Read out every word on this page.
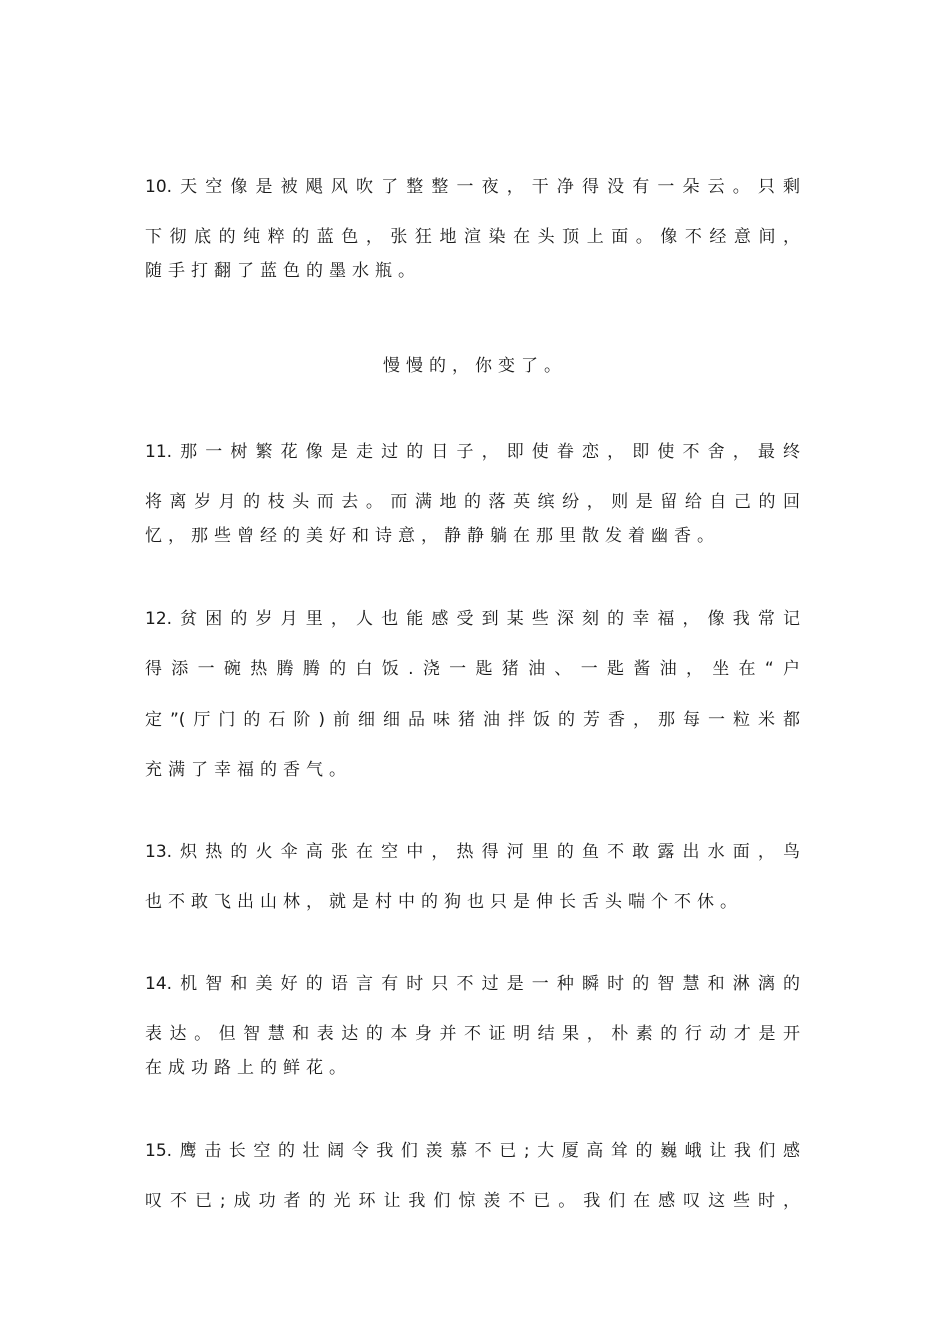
10.天空像是被飓风吹了整整一夜，干净得没有一朵云。只剩
下彻底的纯粹的蓝色，张狂地渲染在头顶上面。像不经意间，
随手打翻了蓝色的墨水瓶。
慢慢的，你变了。
11.那一树繁花像是走过的日子，即使眷恋，即使不舍，最终
将离岁月的枝头而去。而满地的落英缤纷，则是留给自己的回
忆，那些曾经的美好和诗意，静静躺在那里散发着幽香。
12.贫困的岁月里，人也能感受到某些深刻的幸福，像我常记
得添一碗热腾腾的白饭.浇一匙猪油、一匙酱油，坐在“户
定”(厅门的石阶)前细细品味猪油拌饭的芳香，那每一粒米都
充满了幸福的香气。
13.炽热的火伞高张在空中，热得河里的鱼不敢露出水面，鸟
也不敢飞出山林，就是村中的狗也只是伸长舌头喘个不休。
14.机智和美好的语言有时只不过是一种瞬时的智慧和淋漓的
表达。但智慧和表达的本身并不证明结果，朴素的行动才是开
在成功路上的鲜花。
15.鹰击长空的壮阔令我们羡慕不已;大厦高耸的巍峨让我们感
叹不已;成功者的光环让我们惊羡不已。我们在感叹这些时，
